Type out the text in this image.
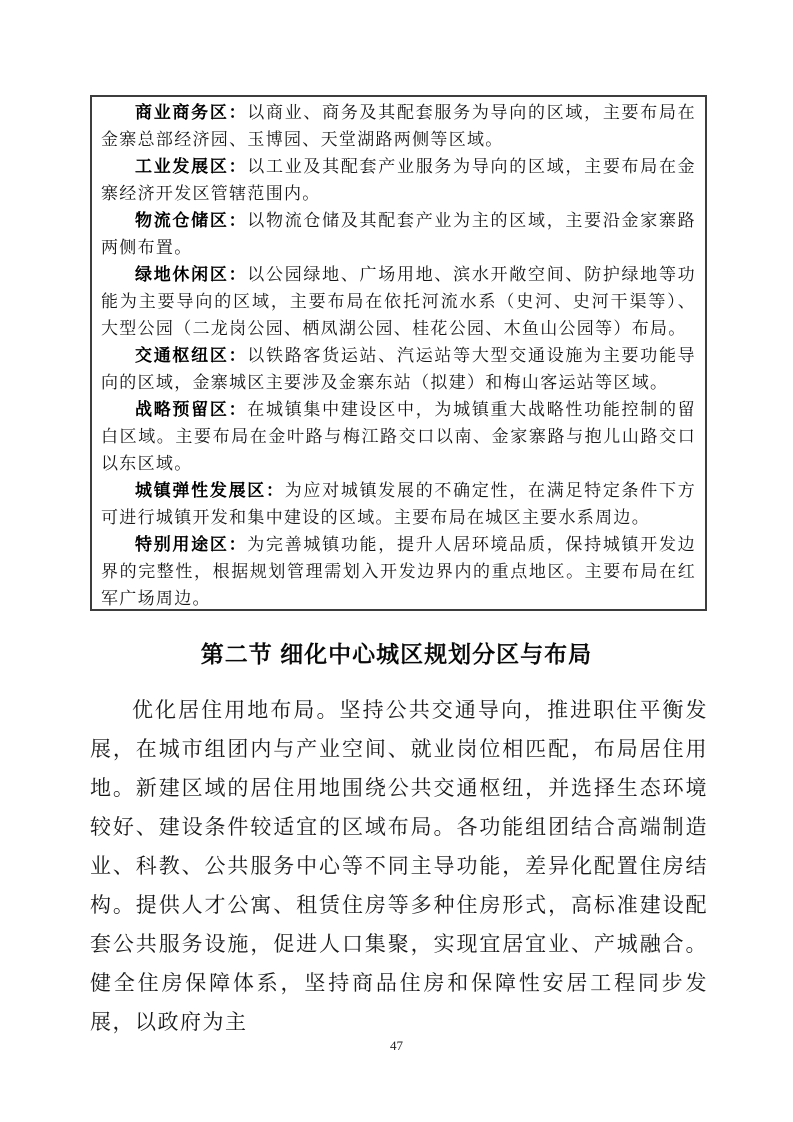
商业商务区：以商业、商务及其配套服务为导向的区域，主要布局在金寨总部经济园、玉博园、天堂湖路两侧等区域。

工业发展区：以工业及其配套产业服务为导向的区域，主要布局在金寨经济开发区管辖范围内。

物流仓储区：以物流仓储及其配套产业为主的区域，主要沿金家寨路两侧布置。

绿地休闲区：以公园绿地、广场用地、滨水开敞空间、防护绿地等功能为主要导向的区域，主要布局在依托河流水系（史河、史河干渠等）、大型公园（二龙岗公园、栖凤湖公园、桂花公园、木鱼山公园等）布局。

交通枢纽区：以铁路客货运站、汽运站等大型交通设施为主要功能导向的区域，金寨城区主要涉及金寨东站（拟建）和梅山客运站等区域。

战略预留区：在城镇集中建设区中，为城镇重大战略性功能控制的留白区域。主要布局在金叶路与梅江路交口以南、金家寨路与抱儿山路交口以东区域。

城镇弹性发展区：为应对城镇发展的不确定性，在满足特定条件下方可进行城镇开发和集中建设的区域。主要布局在城区主要水系周边。

特别用途区：为完善城镇功能，提升人居环境品质，保持城镇开发边界的完整性，根据规划管理需划入开发边界内的重点地区。主要布局在红军广场周边。

第二节 细化中心城区规划分区与布局

优化居住用地布局。坚持公共交通导向，推进职住平衡发展，在城市组团内与产业空间、就业岗位相匹配，布局居住用地。新建区域的居住用地围绕公共交通枢纽，并选择生态环境较好、建设条件较适宜的区域布局。各功能组团结合高端制造业、科教、公共服务中心等不同主导功能，差异化配置住房结构。提供人才公寓、租赁住房等多种住房形式，高标准建设配套公共服务设施，促进人口集聚，实现宜居宜业、产城融合。健全住房保障体系，坚持商品住房和保障性安居工程同步发展，以政府为主

47
